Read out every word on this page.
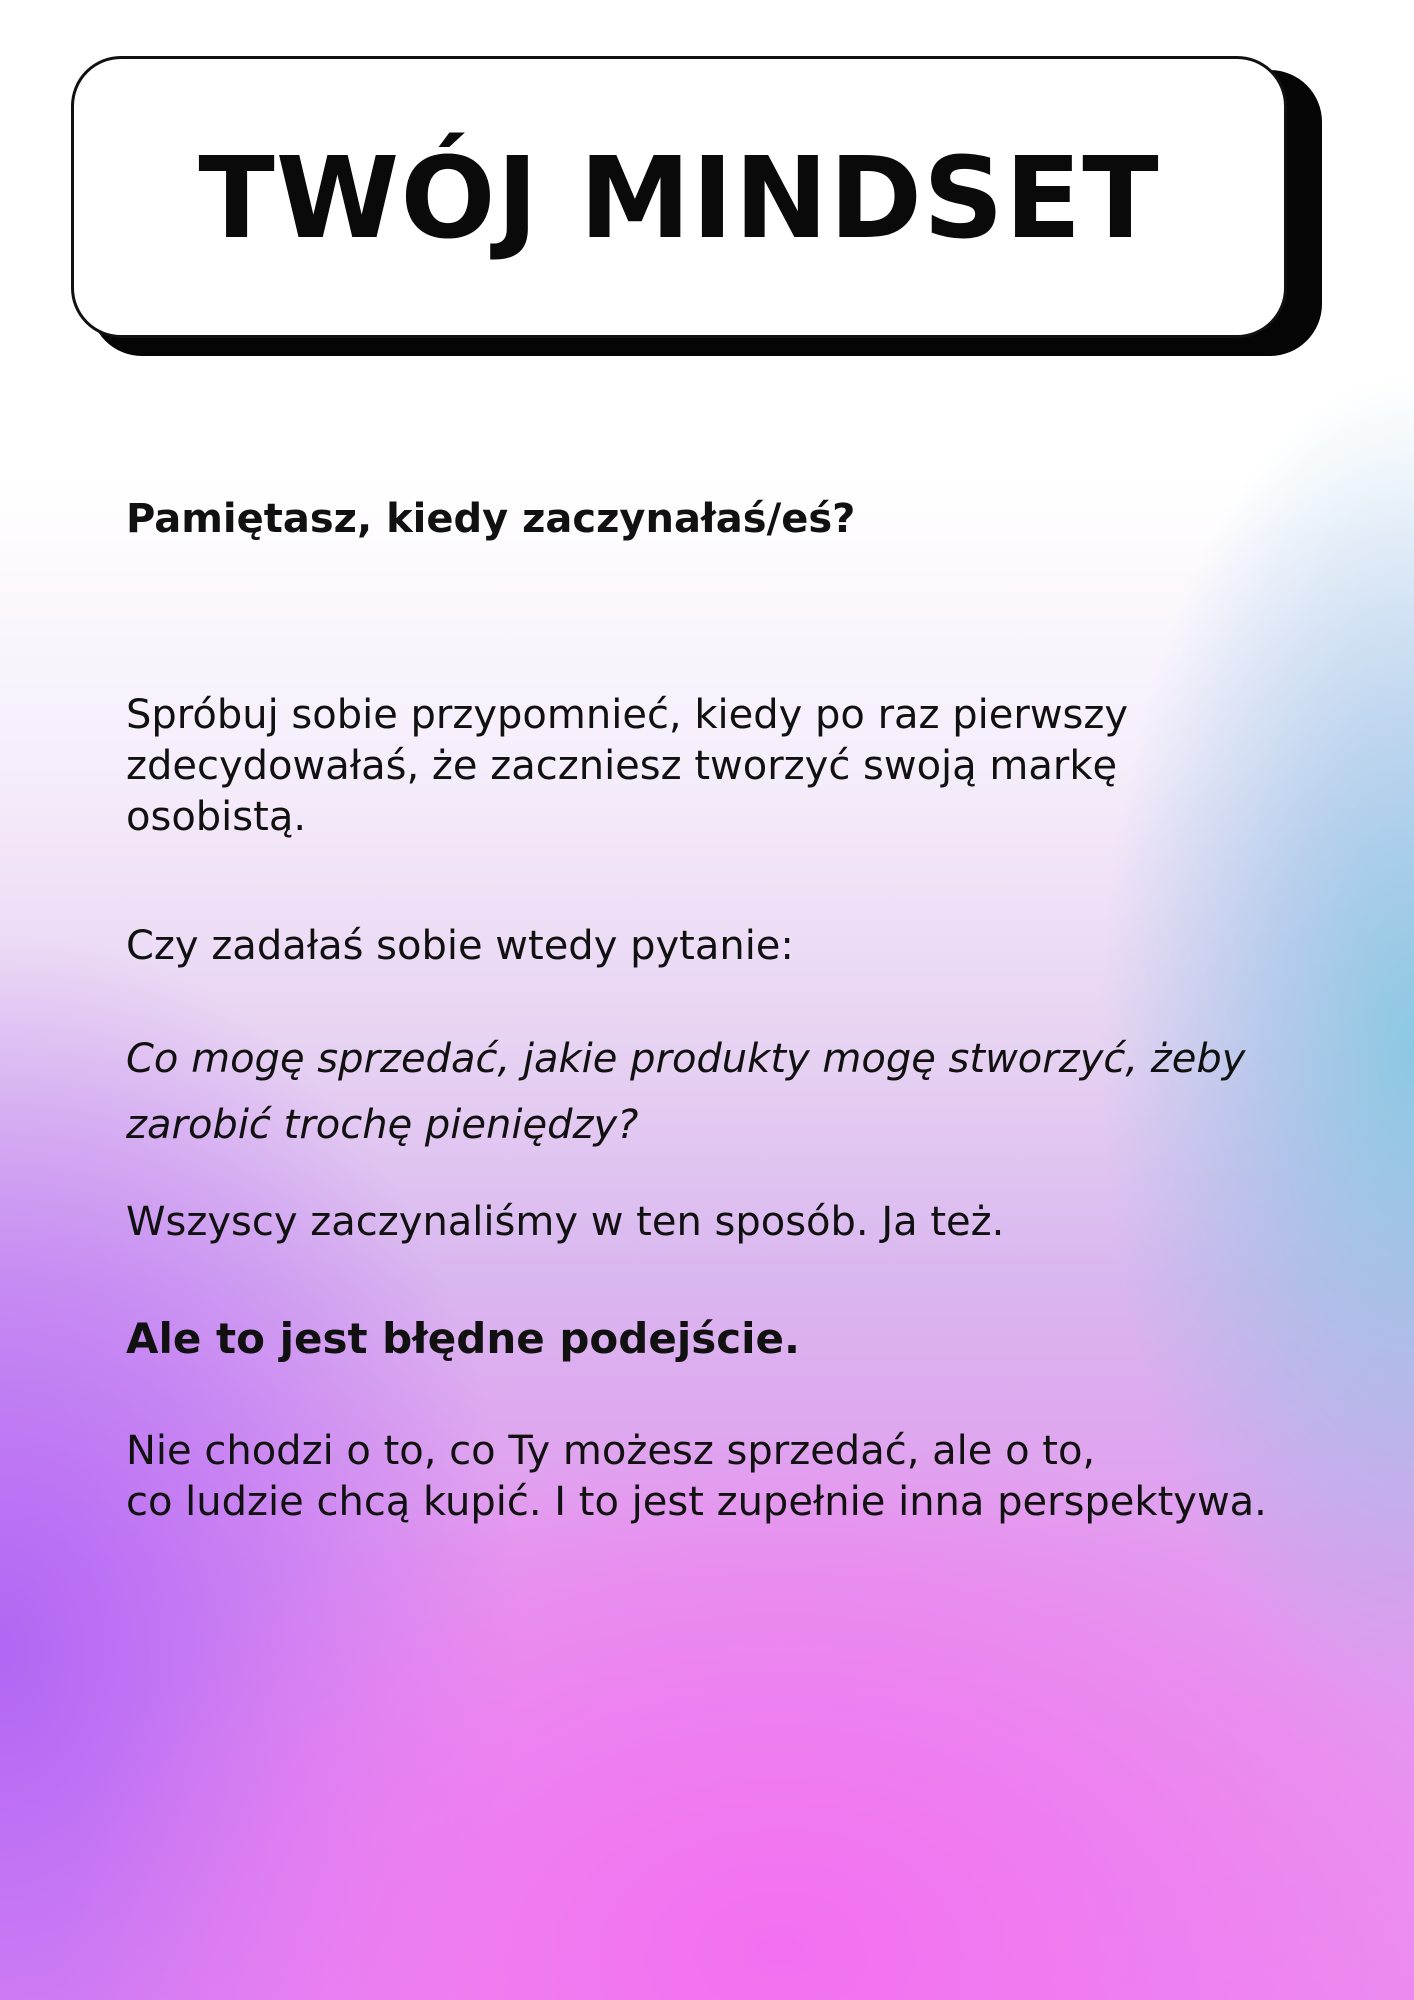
TWÓJ MINDSET
Pamiętasz, kiedy zaczynałaś/eś?
Spróbuj sobie przypomnieć, kiedy po raz pierwszy
zdecydowałaś, że zaczniesz tworzyć swoją markę
osobistą.
Czy zadałaś sobie wtedy pytanie:
Co mogę sprzedać, jakie produkty mogę stworzyć, żeby
zarobić trochę pieniędzy?
Wszyscy zaczynaliśmy w ten sposób. Ja też.
Ale to jest błędne podejście.
Nie chodzi o to, co Ty możesz sprzedać, ale o to,
co ludzie chcą kupić. I to jest zupełnie inna perspektywa.
